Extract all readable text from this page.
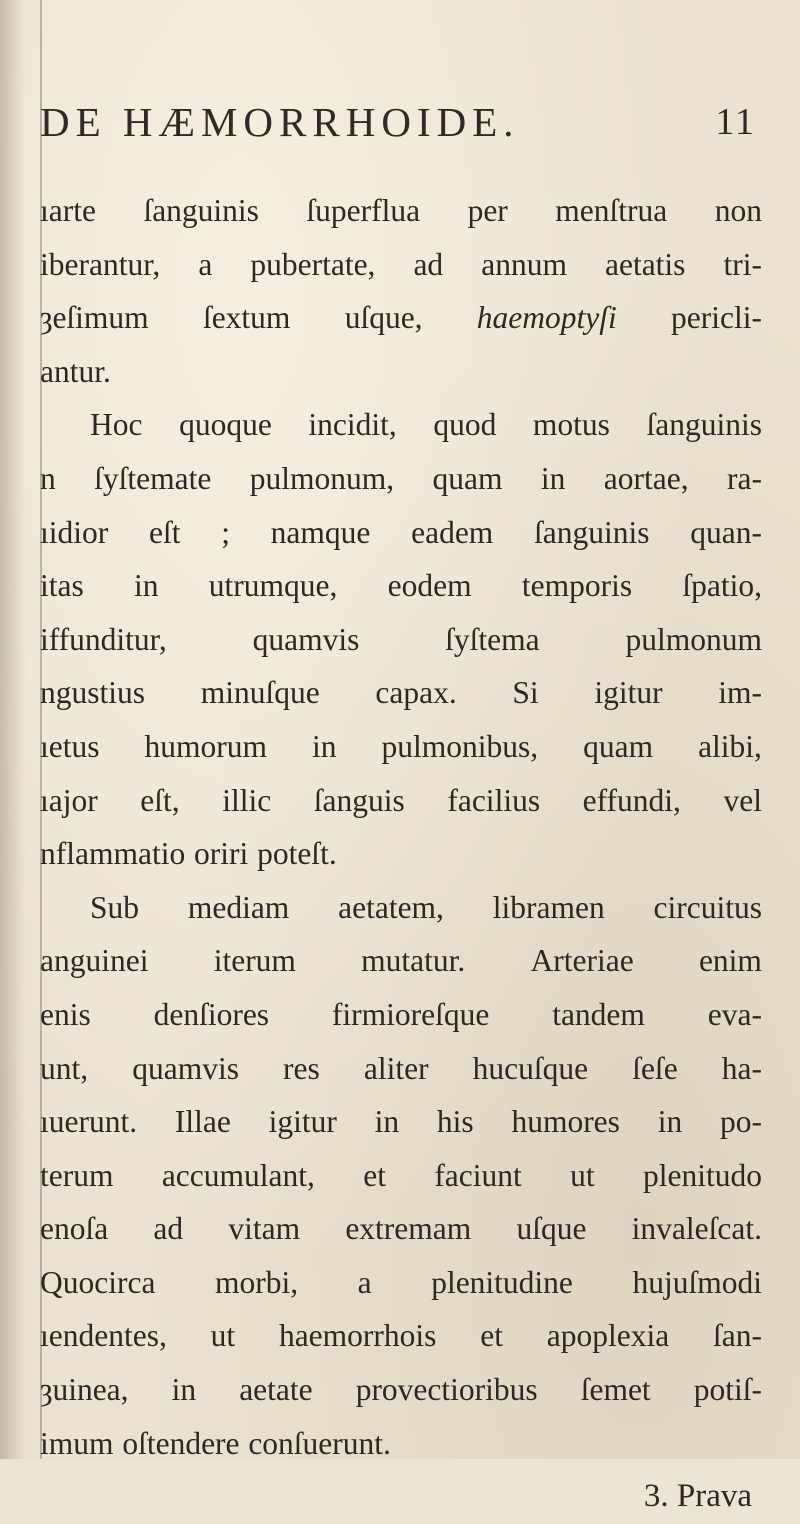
DE HÆMORRHOIDE.	11
ıarte ſanguinis ſuperflua per menſtrua non
iberantur, a pubertate, ad annum aetatis tri-
ȝeſimum ſextum uſque, haemoptyſi pericli-
antur.
Hoc quoque incidit, quod motus ſanguinis
n ſyſtemate pulmonum, quam in aortae, ra-
ıidior eſt ; namque eadem ſanguinis quan-
itas in utrumque, eodem temporis ſpatio,
iffunditur,	quamvis	ſyſtema	pulmonum
ngustius minuſque capax. Si igitur im-
ıetus humorum in pulmonibus, quam alibi,
ıajor eſt, illic ſanguis facilius effundi, vel
nflammatio oriri poteſt.
Sub mediam aetatem, libramen circuitus
anguinei iterum mutatur. Arteriae enim
enis denſiores firmioreſque tandem eva-
unt, quamvis res aliter hucuſque ſeſe ha-
ıuerunt. Illae igitur in his humores in po-
terum accumulant, et faciunt ut plenitudo
enoſa ad vitam extremam uſque invaleſcat.
Quocirca morbi, a plenitudine hujuſmodi
ıendentes, ut haemorrhois et apoplexia ſan-
ȝuinea, in aetate provectioribus ſemet potiſ-
imum oſtendere conſuerunt.
3. Prava
